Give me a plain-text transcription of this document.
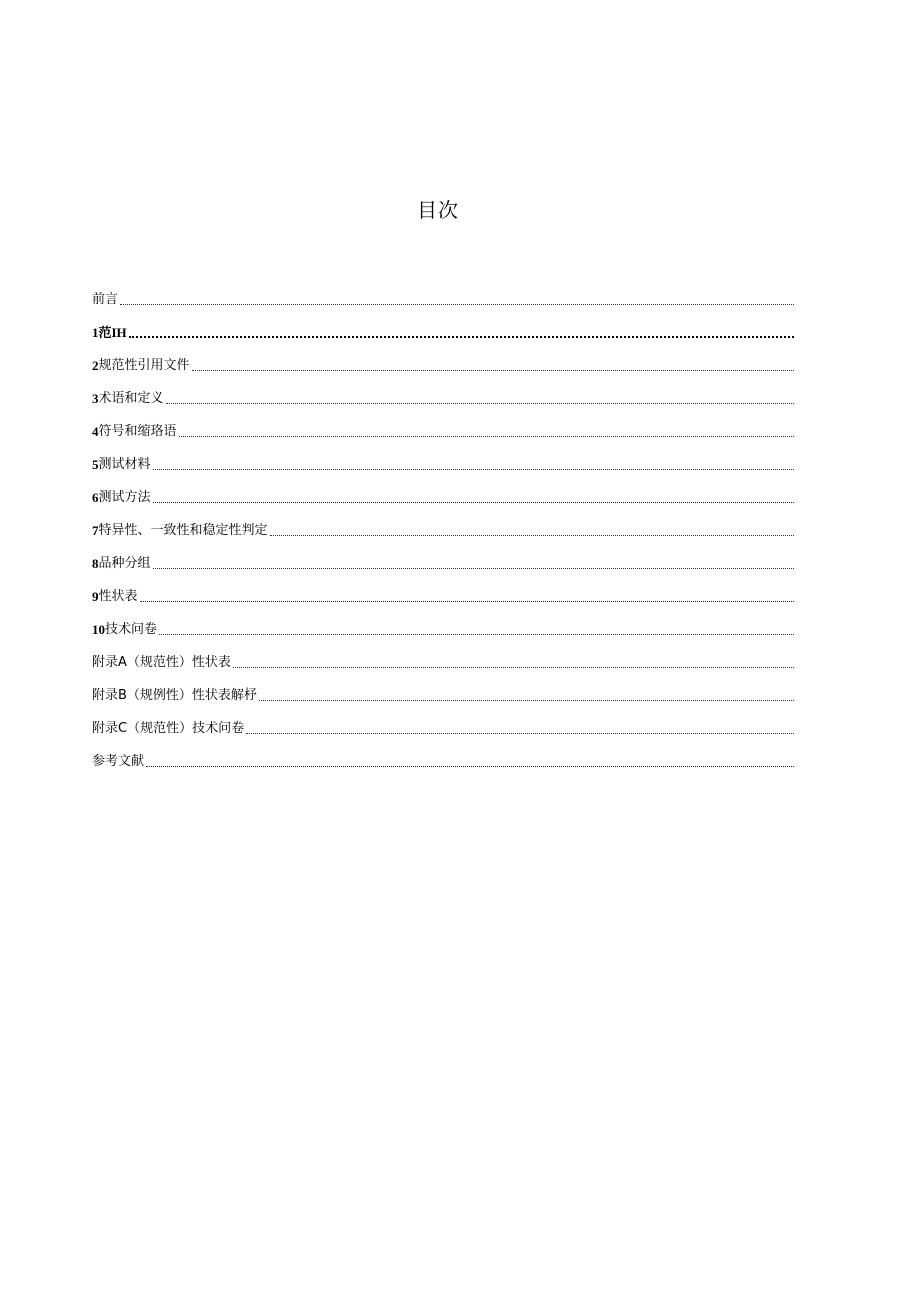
目次
前言
1 范IH
2 规范性引用文件
3 术语和定义
4 符号和缩珞语
5 测试材料
6 测试方法
7 特异性、一致性和稳定性判定
8 品种分组
9 性状表
10 技术问卷
附录A（规范性）性状表
附录B（规例性）性状表解杼
附录C（规范性）技术问卷
参考文献
